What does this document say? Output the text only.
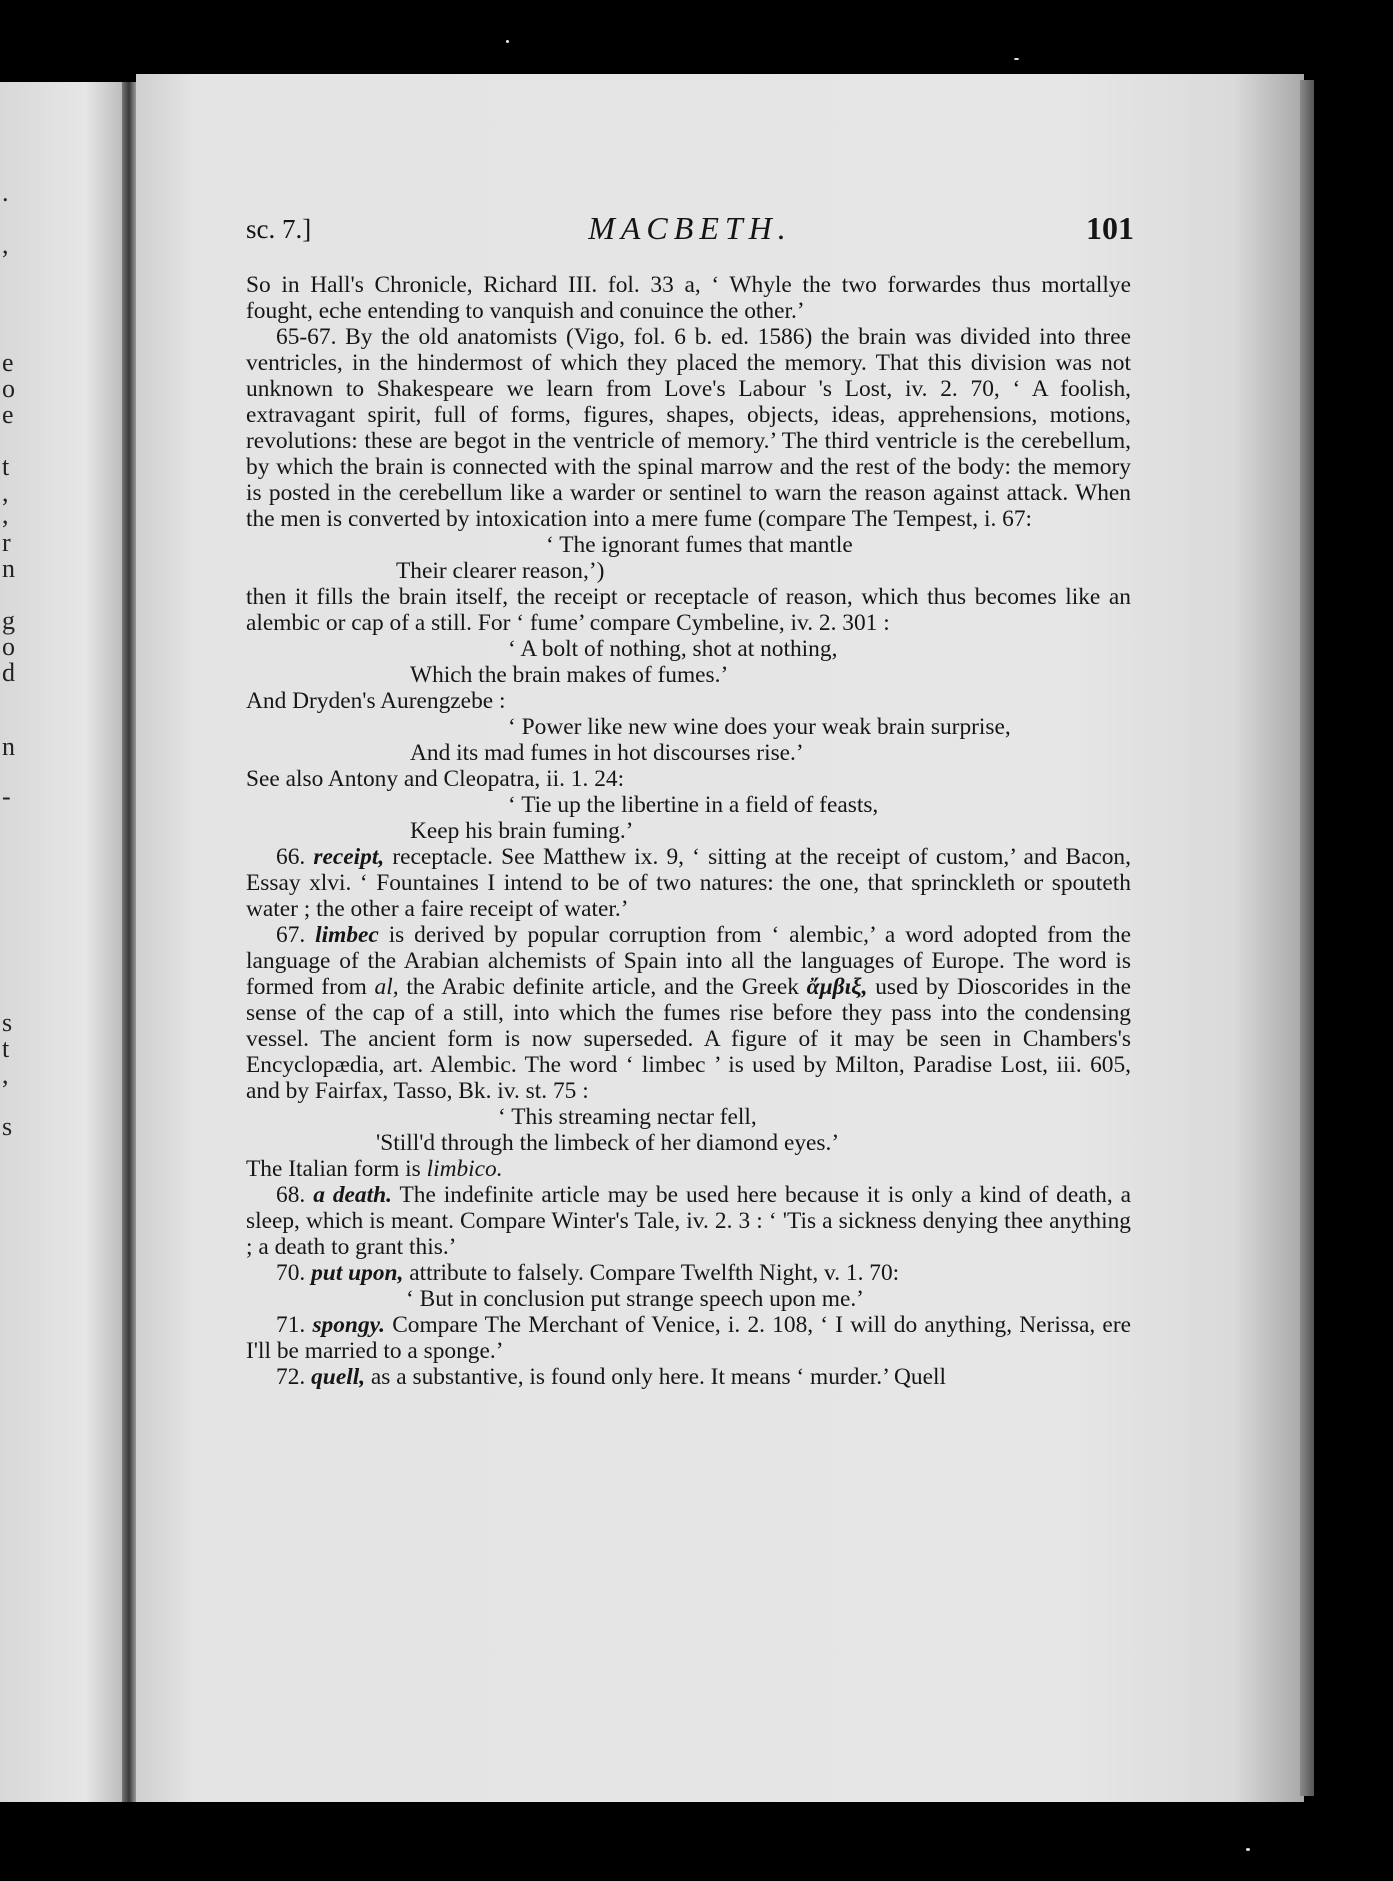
.
,
e
o
e
t
,
,
r
n
g
o
d
n
-
s
t
,
s
sc. 7.]	MACBETH.	101

So in Hall's Chronicle, Richard III. fol. 33 a, ‘ Whyle the two forwardes thus mortallye fought, eche entending to vanquish and conuince the other.’

65-67. By the old anatomists (Vigo, fol. 6 b. ed. 1586) the brain was divided into three ventricles, in the hindermost of which they placed the memory. That this division was not unknown to Shakespeare we learn from Love's Labour 's Lost, iv. 2. 70, ‘ A foolish, extravagant spirit, full of forms, figures, shapes, objects, ideas, apprehensions, motions, revolutions: these are begot in the ventricle of memory.’ The third ventricle is the cerebellum, by which the brain is connected with the spinal marrow and the rest of the body: the memory is posted in the cerebellum like a warder or sentinel to warn the reason against attack. When the men is converted by intoxication into a mere fume (compare The Tempest, i. 67:

‘ The ignorant fumes that mantle

Their clearer reason,’)

then it fills the brain itself, the receipt or receptacle of reason, which thus becomes like an alembic or cap of a still. For ‘ fume’ compare Cymbeline, iv. 2. 301 :

‘ A bolt of nothing, shot at nothing,

Which the brain makes of fumes.’

And Dryden's Aurengzebe :

‘ Power like new wine does your weak brain surprise,

And its mad fumes in hot discourses rise.’

See also Antony and Cleopatra, ii. 1. 24:

‘ Tie up the libertine in a field of feasts,

Keep his brain fuming.’

66. receipt, receptacle. See Matthew ix. 9, ‘ sitting at the receipt of custom,’ and Bacon, Essay xlvi. ‘ Fountaines I intend to be of two natures: the one, that sprinckleth or spouteth water ; the other a faire receipt of water.’

67. limbec is derived by popular corruption from ‘ alembic,’ a word adopted from the language of the Arabian alchemists of Spain into all the languages of Europe. The word is formed from al, the Arabic definite article, and the Greek ἄμβιξ, used by Dioscorides in the sense of the cap of a still, into which the fumes rise before they pass into the condensing vessel. The ancient form is now superseded. A figure of it may be seen in Chambers's Encyclopædia, art. Alembic. The word ‘ limbec ’ is used by Milton, Paradise Lost, iii. 605, and by Fairfax, Tasso, Bk. iv. st. 75 :

‘ This streaming nectar fell,

'Still'd through the limbeck of her diamond eyes.’

The Italian form is limbico.

68. a death. The indefinite article may be used here because it is only a kind of death, a sleep, which is meant. Compare Winter's Tale, iv. 2. 3 : ‘ 'Tis a sickness denying thee anything ; a death to grant this.’

70. put upon, attribute to falsely. Compare Twelfth Night, v. 1. 70:

‘ But in conclusion put strange speech upon me.’

71. spongy. Compare The Merchant of Venice, i. 2. 108, ‘ I will do anything, Nerissa, ere I'll be married to a sponge.’

72. quell, as a substantive, is found only here. It means ‘ murder.’ Quell
